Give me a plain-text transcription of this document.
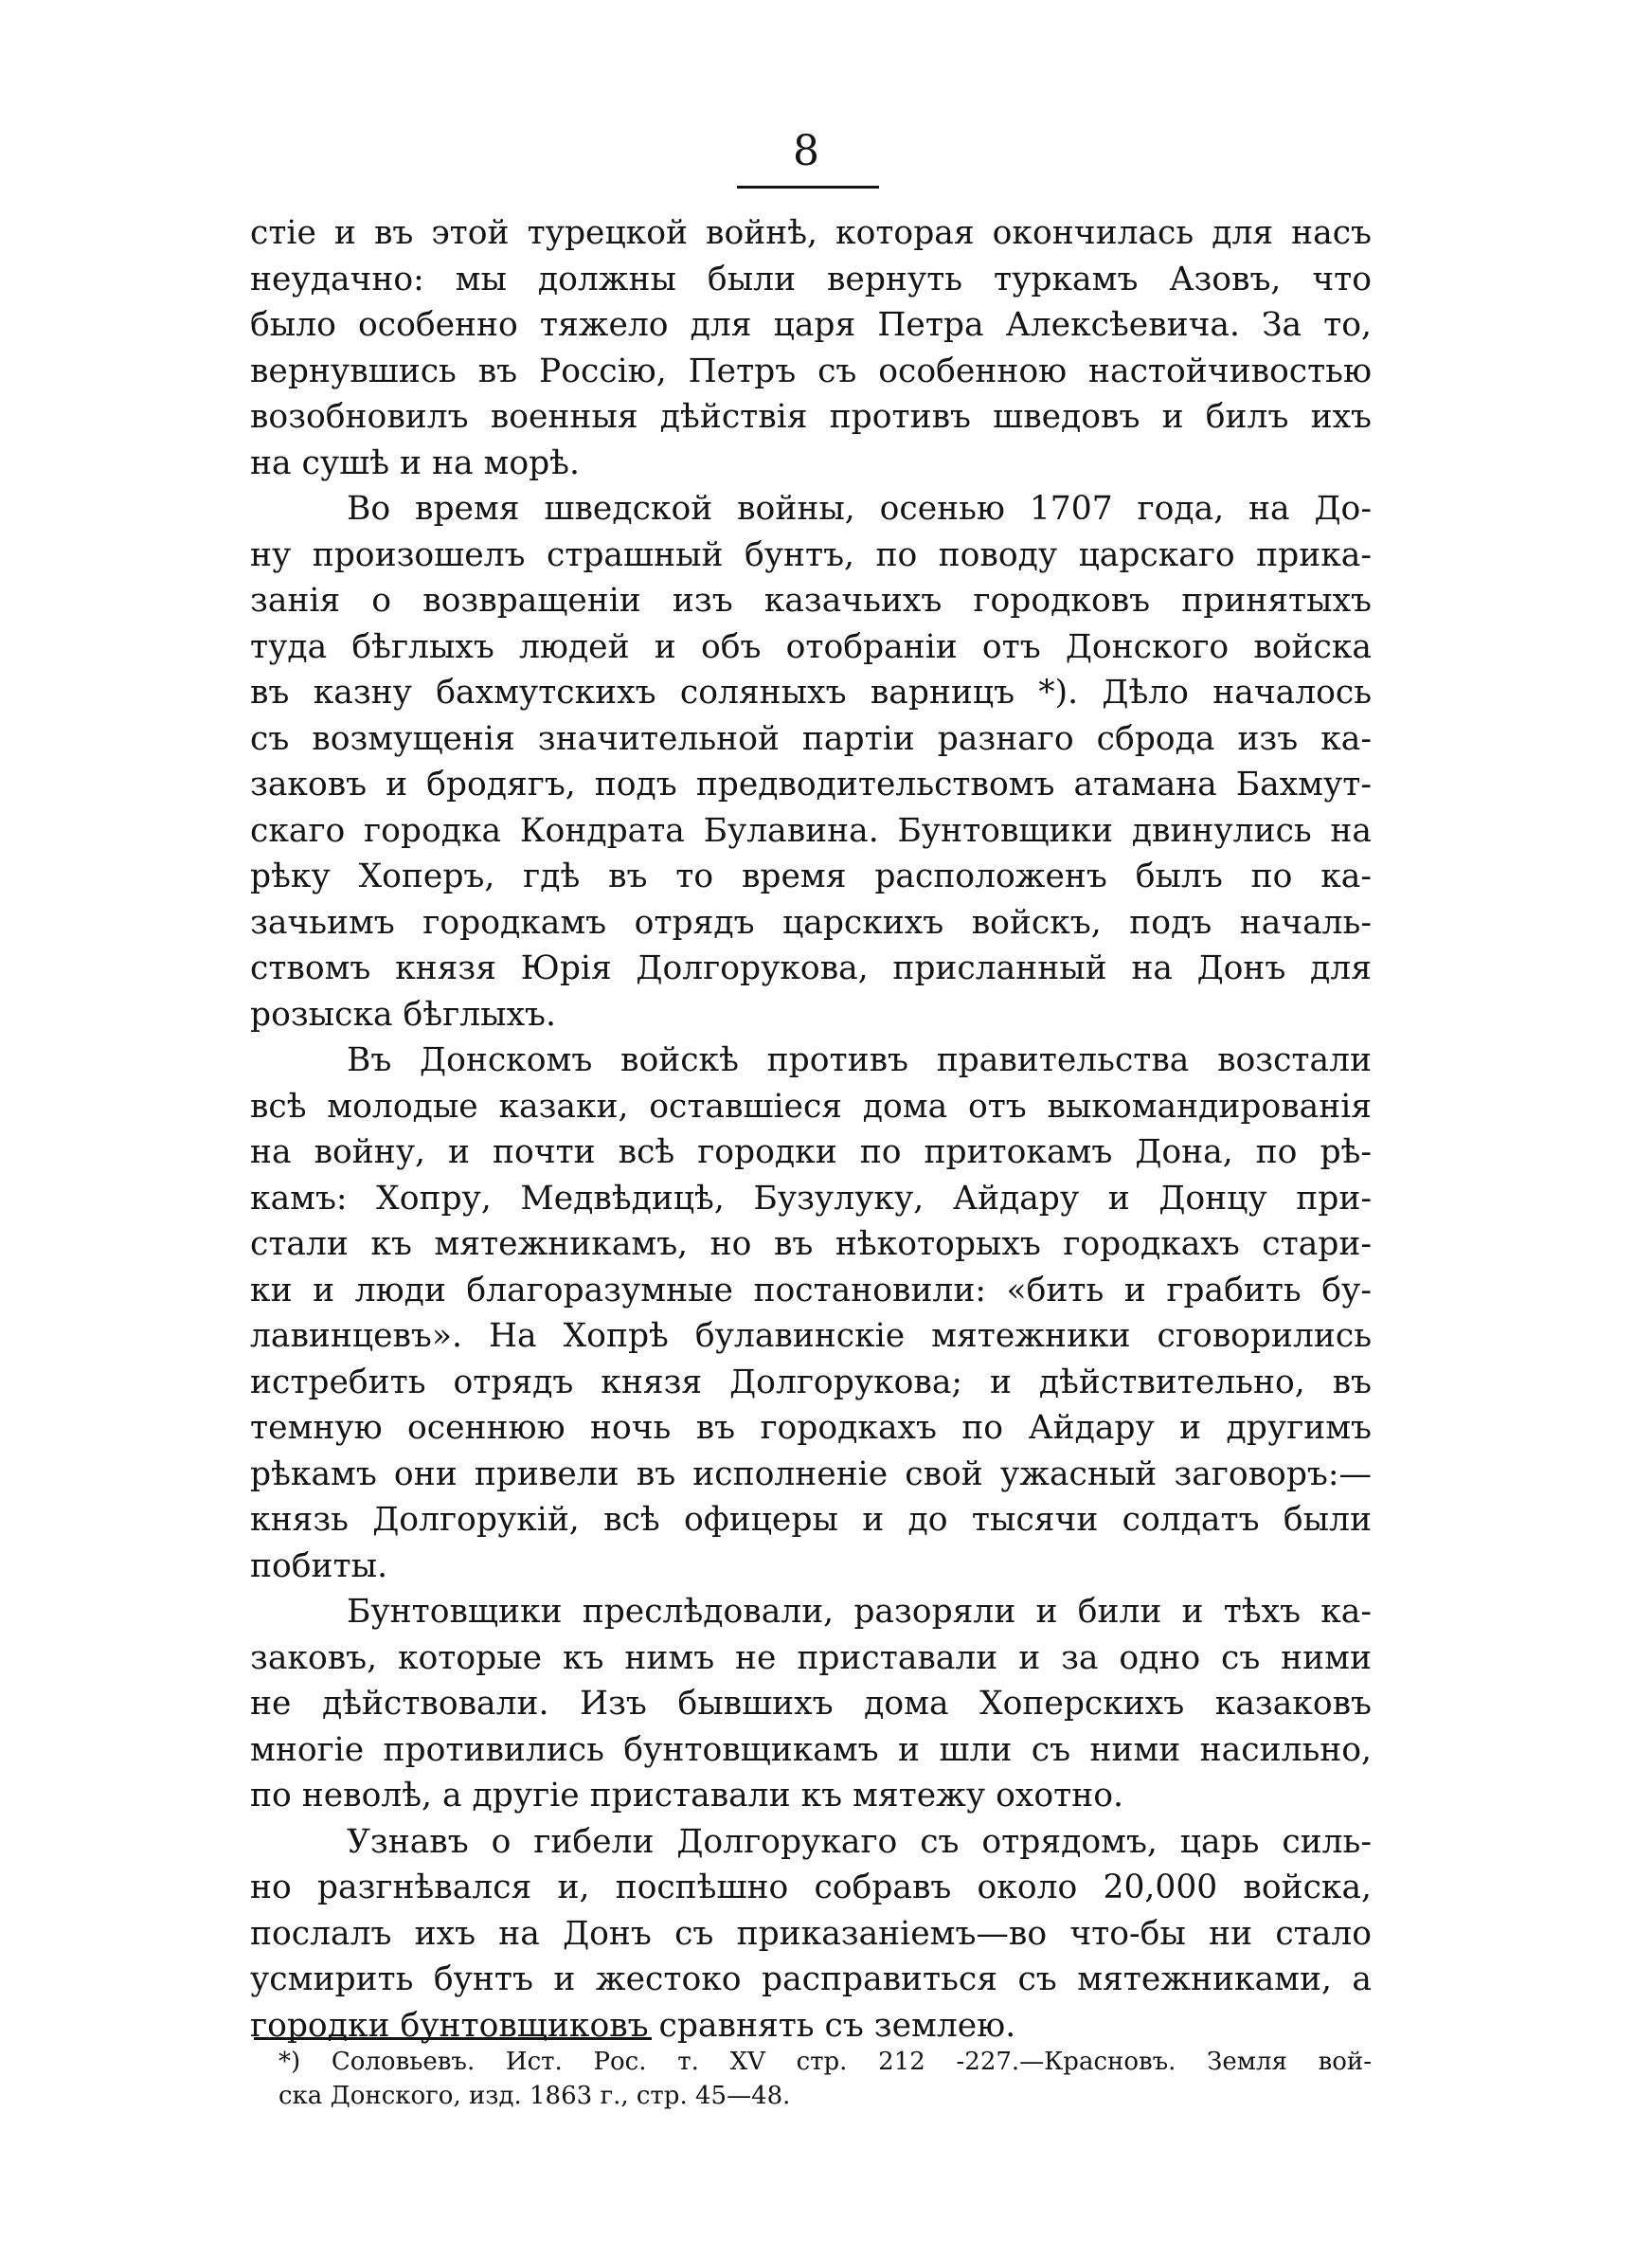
8
стіе и въ этой турецкой войнѣ, которая окончилась для насъ
неудачно: мы должны были вернуть туркамъ Азовъ, что
было особенно тяжело для царя Петра Алексѣевича. За то,
вернувшись въ Россію, Петръ съ особенною настойчивостью
возобновилъ военныя дѣйствія противъ шведовъ и билъ ихъ
на сушѣ и на морѣ.
Во время шведской войны, осенью 1707 года, на До-
ну произошелъ страшный бунтъ, по поводу царскаго прика-
занія о возвращеніи изъ казачьихъ городковъ принятыхъ
туда бѣглыхъ людей и объ отобраніи отъ Донского войска
въ казну бахмутскихъ соляныхъ варницъ *). Дѣло началось
съ возмущенія значительной партіи разнаго сброда изъ ка-
заковъ и бродягъ, подъ предводительствомъ атамана Бахмут-
скаго городка Кондрата Булавина. Бунтовщики двинулись на
рѣку Хоперъ, гдѣ въ то время расположенъ былъ по ка-
зачьимъ городкамъ отрядъ царскихъ войскъ, подъ началь-
ствомъ князя Юрія Долгорукова, присланный на Донъ для
розыска бѣглыхъ.
Въ Донскомъ войскѣ противъ правительства возстали
всѣ молодые казаки, оставшіеся дома отъ выкомандированія
на войну, и почти всѣ городки по притокамъ Дона, по рѣ-
камъ: Хопру, Медвѣдицѣ, Бузулуку, Айдару и Донцу при-
стали къ мятежникамъ, но въ нѣкоторыхъ городкахъ стари-
ки и люди благоразумные постановили: «бить и грабить бу-
лавинцевъ». На Хопрѣ булавинскіе мятежники сговорились
истребить отрядъ князя Долгорукова; и дѣйствительно, въ
темную осеннюю ночь въ городкахъ по Айдару и другимъ
рѣкамъ они привели въ исполненіе свой ужасный заговоръ:—
князь Долгорукій, всѣ офицеры и до тысячи солдатъ были
побиты.
Бунтовщики преслѣдовали, разоряли и били и тѣхъ ка-
заковъ, которые къ нимъ не приставали и за одно съ ними
не дѣйствовали. Изъ бывшихъ дома Хоперскихъ казаковъ
многіе противились бунтовщикамъ и шли съ ними насильно,
по неволѣ, а другіе приставали къ мятежу охотно.
Узнавъ о гибели Долгорукаго съ отрядомъ, царь силь-
но разгнѣвался и, поспѣшно собравъ около 20,000 войска,
послалъ ихъ на Донъ съ приказаніемъ—во что-бы ни стало
усмирить бунтъ и жестоко расправиться съ мятежниками, а
городки бунтовщиковъ сравнять съ землею.
*) Соловьевъ. Ист. Рос. т. XV стр. 212 -227.—Красновъ. Земля вой-
ска Донского, изд. 1863 г., стр. 45—48.
